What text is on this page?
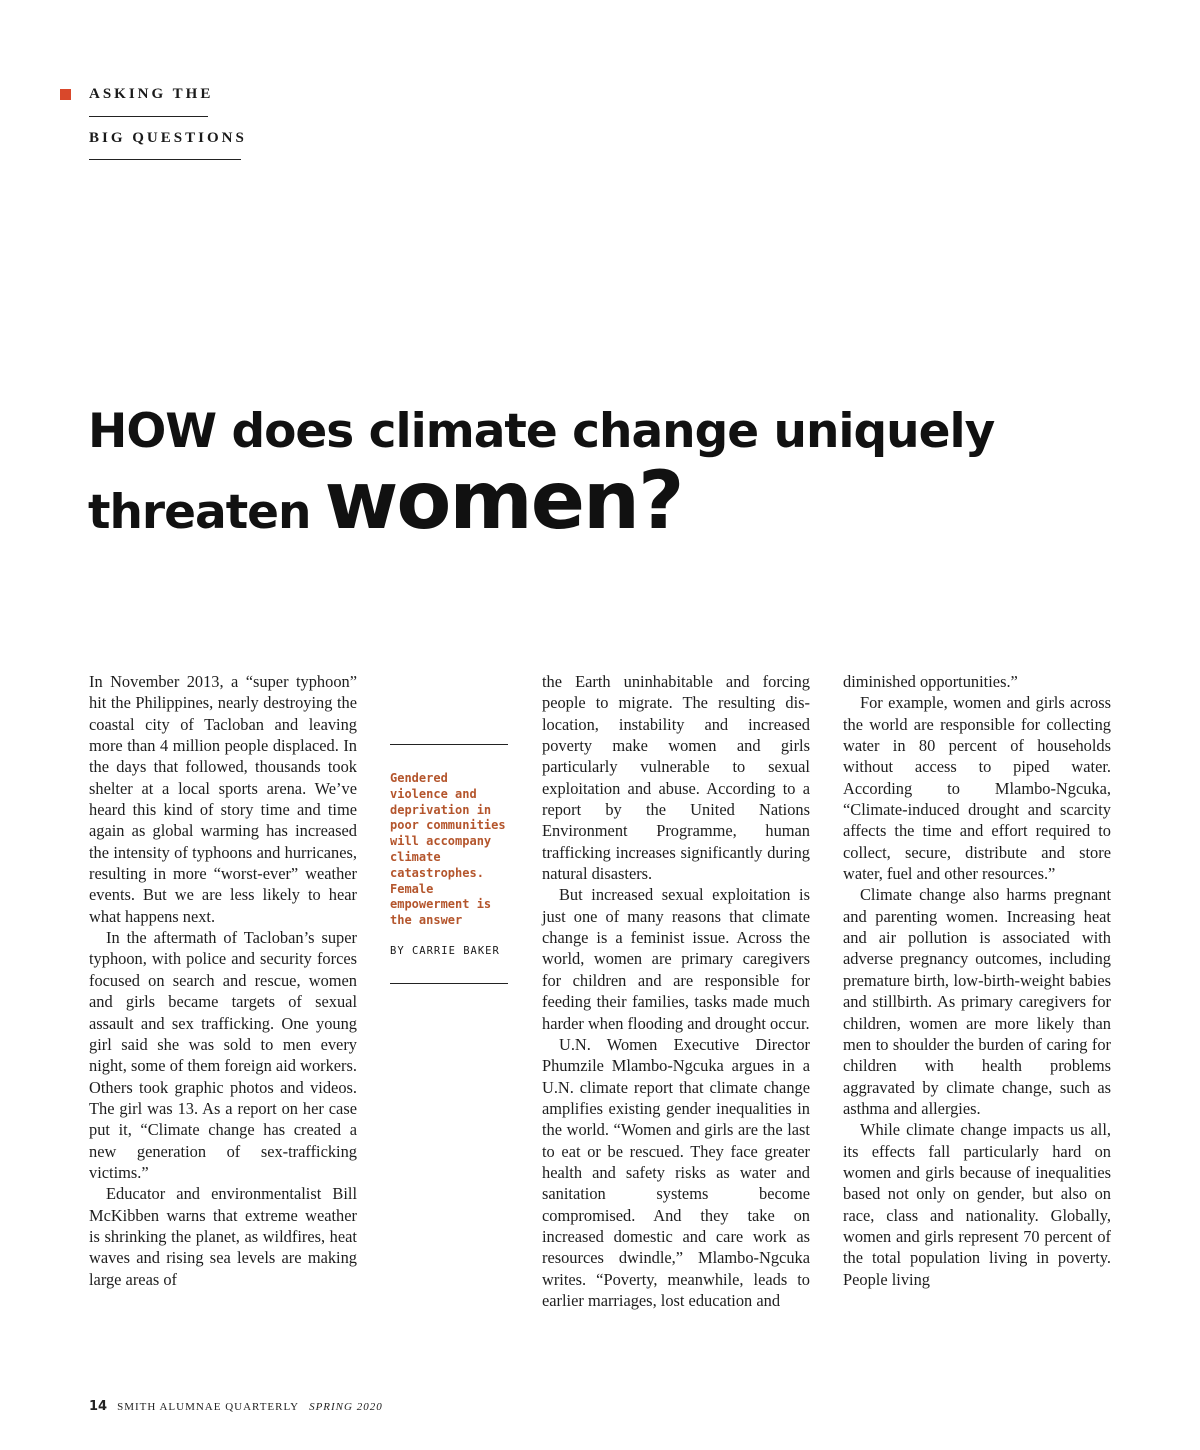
ASKING THE
BIG QUESTIONS
HOW does climate change uniquely
threaten women?

In November 2013, a “super typhoon” hit the Philippines, nearly destroying the coastal city of Tacloban and leaving more than 4 million people displaced. In the days that followed, thousands took shelter at a local sports arena. We’ve heard this kind of story time and time again as global warming has increased the intensity of typhoons and hurricanes, resulting in more “worst-ever” weather events. But we are less likely to hear what happens next.

In the aftermath of Tacloban’s super typhoon, with police and security forces focused on search and rescue, women and girls became targets of sexual assault and sex trafficking. One young girl said she was sold to men every night, some of them foreign aid workers. Others took graphic photos and videos. The girl was 13. As a report on her case put it, “Climate change has created a new generation of sex-trafficking victims.”

Educator and environmentalist Bill McKibben warns that extreme weather is shrinking the planet, as wildfires, heat waves and rising sea levels are making large areas of

Gendered violence and deprivation in poor communities will accompany climate catastrophes. Female empowerment is the answer
BY CARRIE BAKER

the Earth uninhabitable and forcing people to migrate. The resulting dislocation, instability and increased poverty make women and girls particularly vulnerable to sexual exploitation and abuse. According to a report by the United Nations Environment Programme, human trafficking increases significantly during natural disasters.

But increased sexual exploitation is just one of many reasons that climate change is a feminist issue. Across the world, women are primary caregivers for children and are responsible for feeding their families, tasks made much harder when flooding and drought occur.

U.N. Women Executive Director Phumzile Mlambo-Ngcuka argues in a U.N. climate report that climate change amplifies existing gender inequalities in the world. “Women and girls are the last to eat or be rescued. They face greater health and safety risks as water and sanitation systems become compromised. And they take on increased domestic and care work as resources dwindle,” Mlambo-Ngcuka writes. “Poverty, meanwhile, leads to earlier marriages, lost education and

diminished opportunities.”

For example, women and girls across the world are responsible for collecting water in 80 percent of households without access to piped water. According to Mlambo-Ngcuka, “Climate-induced drought and scarcity affects the time and effort required to collect, secure, distribute and store water, fuel and other resources.”

Climate change also harms pregnant and parenting women. Increasing heat and air pollution is associated with adverse pregnancy outcomes, including premature birth, low-birth-weight babies and stillbirth. As primary caregivers for children, women are more likely than men to shoulder the burden of caring for children with health problems aggravated by climate change, such as asthma and allergies.

While climate change impacts us all, its effects fall particularly hard on women and girls because of inequalities based not only on gender, but also on race, class and nationality. Globally, women and girls represent 70 percent of the total population living in poverty. People living

14 SMITH ALUMNAE QUARTERLY SPRING 2020
